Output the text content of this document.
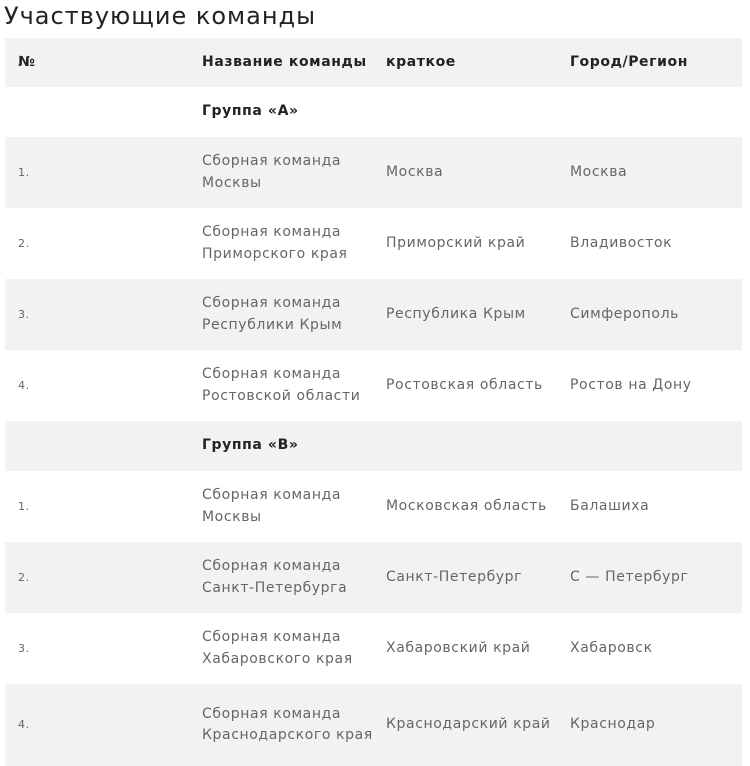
Участвующие команды
№	Название команды	краткое	Город/Регион
	Группа «А»		
1.	Сборная команда Москвы	Москва	Москва
2.	Сборная команда Приморского края	Приморский край	Владивосток
3.	Сборная команда Республики Крым	Республика Крым	Симферополь
4.	Сборная команда Ростовской области	Ростовская область	Ростов на Дону
	Группа «В»		
1.	Сборная команда Москвы	Московская область	Балашиха
2.	Сборная команда Санкт-Петербурга	Санкт-Петербург	С — Петербург
3.	Сборная команда Хабаровского края	Хабаровский край	Хабаровск
4.	Сборная команда Краснодарского края	Краснодарский край	Краснодар
